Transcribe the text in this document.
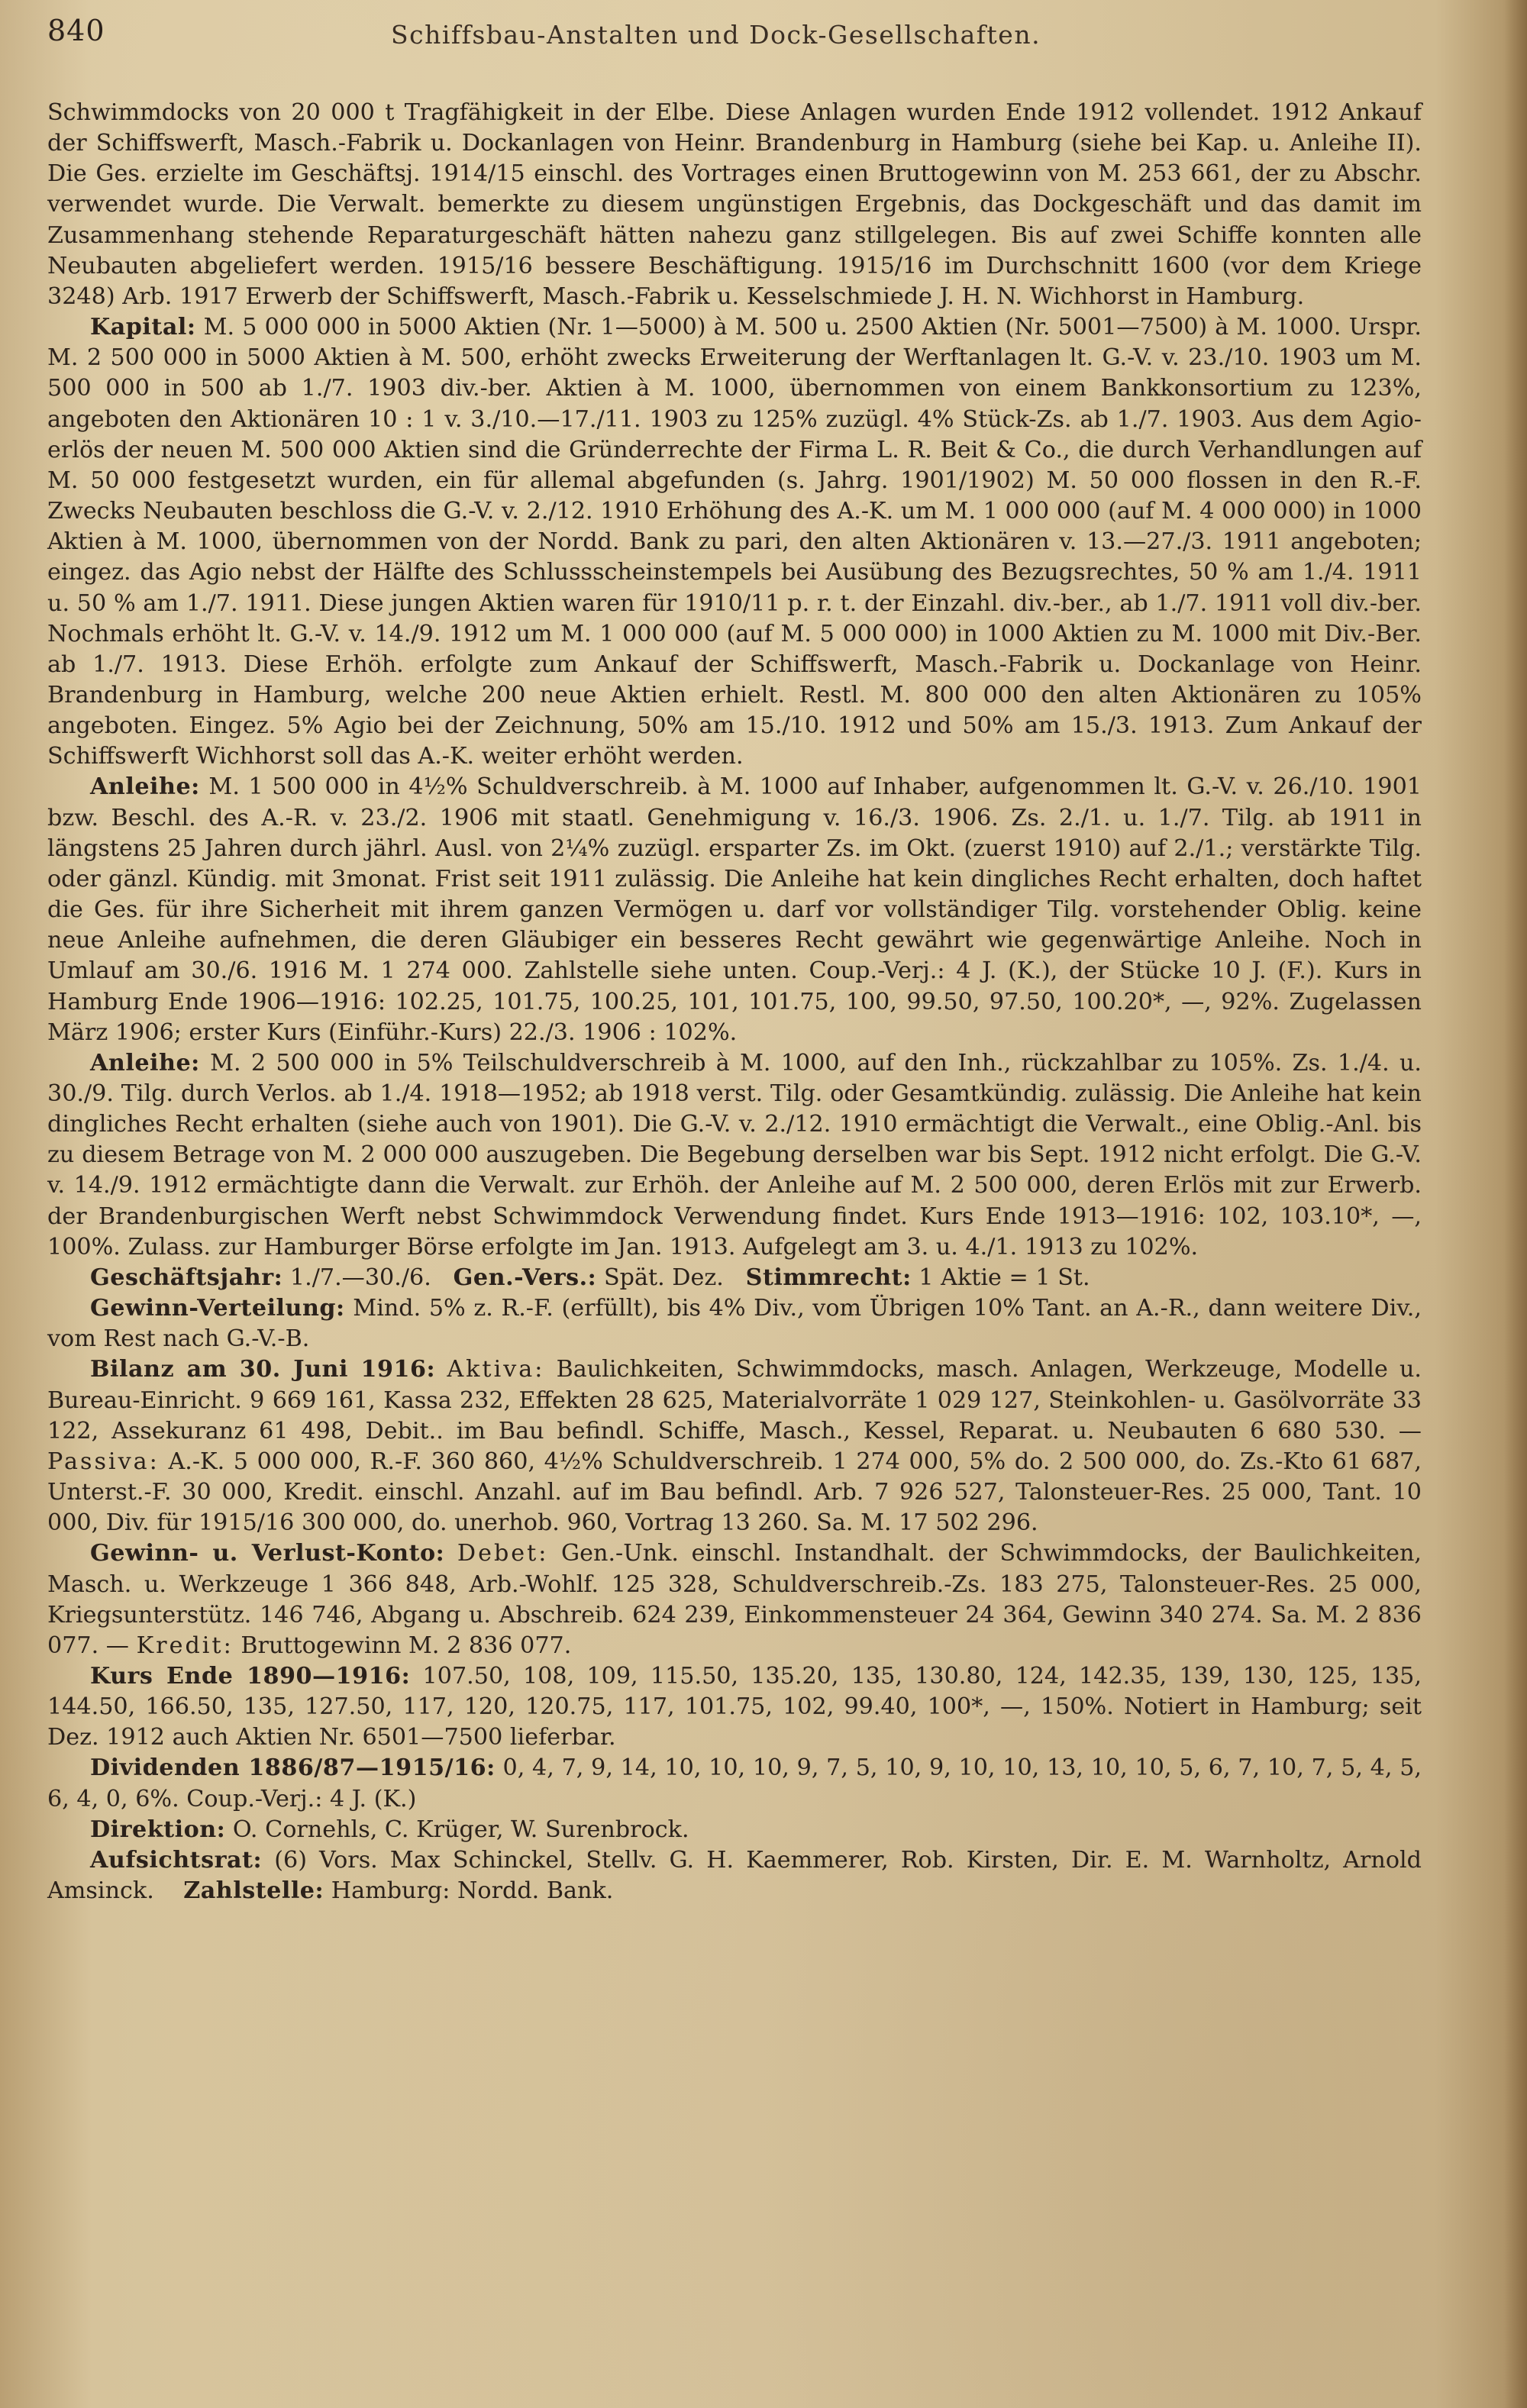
840	Schiffsbau-Anstalten und Dock-Gesellschaften.

Schwimmdocks von 20 000 t Tragfähigkeit in der Elbe. Diese Anlagen wurden Ende 1912 vollendet. 1912 Ankauf der Schiffswerft, Masch.-Fabrik u. Dockanlagen von Heinr. Brandenburg in Hamburg (siehe bei Kap. u. Anleihe II). Die Ges. erzielte im Geschäftsj. 1914/15 einschl. des Vortrages einen Bruttogewinn von M. 253 661, der zu Abschr. verwendet wurde. Die Verwalt. bemerkte zu diesem ungünstigen Ergebnis, das Dockgeschäft und das damit im Zusammenhang stehende Reparaturgeschäft hätten nahezu ganz stillgelegen. Bis auf zwei Schiffe konnten alle Neubauten abgeliefert werden. 1915/16 bessere Beschäftigung. 1915/16 im Durchschnitt 1600 (vor dem Kriege 3248) Arb. 1917 Erwerb der Schiffswerft, Masch.-Fabrik u. Kesselschmiede J. H. N. Wichhorst in Hamburg.

Kapital: M. 5 000 000 in 5000 Aktien (Nr. 1—5000) à M. 500 u. 2500 Aktien (Nr. 5001—7500) à M. 1000. Urspr. M. 2 500 000 in 5000 Aktien à M. 500, erhöht zwecks Erweiterung der Werftanlagen lt. G.-V. v. 23./10. 1903 um M. 500 000 in 500 ab 1./7. 1903 div.-ber. Aktien à M. 1000, übernommen von einem Bankkonsortium zu 123%, angeboten den Aktionären 10 : 1 v. 3./10.—17./11. 1903 zu 125% zuzügl. 4% Stück-Zs. ab 1./7. 1903. Aus dem Agio-erlös der neuen M. 500 000 Aktien sind die Gründerrechte der Firma L. R. Beit & Co., die durch Verhandlungen auf M. 50 000 festgesetzt wurden, ein für allemal abgefunden (s. Jahrg. 1901/1902) M. 50 000 flossen in den R.-F. Zwecks Neubauten beschloss die G.-V. v. 2./12. 1910 Erhöhung des A.-K. um M. 1 000 000 (auf M. 4 000 000) in 1000 Aktien à M. 1000, übernommen von der Nordd. Bank zu pari, den alten Aktionären v. 13.—27./3. 1911 angeboten; eingez. das Agio nebst der Hälfte des Schlussscheinstempels bei Ausübung des Bezugsrechtes, 50 % am 1./4. 1911 u. 50 % am 1./7. 1911. Diese jungen Aktien waren für 1910/11 p. r. t. der Einzahl. div.-ber., ab 1./7. 1911 voll div.-ber. Nochmals erhöht lt. G.-V. v. 14./9. 1912 um M. 1 000 000 (auf M. 5 000 000) in 1000 Aktien zu M. 1000 mit Div.-Ber. ab 1./7. 1913. Diese Erhöh. erfolgte zum Ankauf der Schiffswerft, Masch.-Fabrik u. Dockanlage von Heinr. Brandenburg in Hamburg, welche 200 neue Aktien erhielt. Restl. M. 800 000 den alten Aktionären zu 105% angeboten. Eingez. 5% Agio bei der Zeichnung, 50% am 15./10. 1912 und 50% am 15./3. 1913. Zum Ankauf der Schiffswerft Wichhorst soll das A.-K. weiter erhöht werden.

Anleihe: M. 1 500 000 in 4½% Schuldverschreib. à M. 1000 auf Inhaber, aufgenommen lt. G.-V. v. 26./10. 1901 bzw. Beschl. des A.-R. v. 23./2. 1906 mit staatl. Genehmigung v. 16./3. 1906. Zs. 2./1. u. 1./7. Tilg. ab 1911 in längstens 25 Jahren durch jährl. Ausl. von 2¼% zuzügl. ersparter Zs. im Okt. (zuerst 1910) auf 2./1.; verstärkte Tilg. oder gänzl. Kündig. mit 3monat. Frist seit 1911 zulässig. Die Anleihe hat kein dingliches Recht erhalten, doch haftet die Ges. für ihre Sicherheit mit ihrem ganzen Vermögen u. darf vor vollständiger Tilg. vorstehender Oblig. keine neue Anleihe aufnehmen, die deren Gläubiger ein besseres Recht gewährt wie gegenwärtige Anleihe. Noch in Umlauf am 30./6. 1916 M. 1 274 000. Zahlstelle siehe unten. Coup.-Verj.: 4 J. (K.), der Stücke 10 J. (F.). Kurs in Hamburg Ende 1906—1916: 102.25, 101.75, 100.25, 101, 101.75, 100, 99.50, 97.50, 100.20*, —, 92%. Zugelassen März 1906; erster Kurs (Einführ.-Kurs) 22./3. 1906 : 102%.

Anleihe: M. 2 500 000 in 5% Teilschuldverschreib à M. 1000, auf den Inh., rückzahlbar zu 105%. Zs. 1./4. u. 30./9. Tilg. durch Verlos. ab 1./4. 1918—1952; ab 1918 verst. Tilg. oder Gesamtkündig. zulässig. Die Anleihe hat kein dingliches Recht erhalten (siehe auch von 1901). Die G.-V. v. 2./12. 1910 ermächtigt die Verwalt., eine Oblig.-Anl. bis zu diesem Betrage von M. 2 000 000 auszugeben. Die Begebung derselben war bis Sept. 1912 nicht erfolgt. Die G.-V. v. 14./9. 1912 ermächtigte dann die Verwalt. zur Erhöh. der Anleihe auf M. 2 500 000, deren Erlös mit zur Erwerb. der Brandenburgischen Werft nebst Schwimmdock Verwendung findet. Kurs Ende 1913—1916: 102, 103.10*, —, 100%. Zulass. zur Hamburger Börse erfolgte im Jan. 1913. Aufgelegt am 3. u. 4./1. 1913 zu 102%.

Geschäftsjahr: 1./7.—30./6. Gen.-Vers.: Spät. Dez. Stimmrecht: 1 Aktie = 1 St.

Gewinn-Verteilung: Mind. 5% z. R.-F. (erfüllt), bis 4% Div., vom Übrigen 10% Tant. an A.-R., dann weitere Div., vom Rest nach G.-V.-B.

Bilanz am 30. Juni 1916: Aktiva: Baulichkeiten, Schwimmdocks, masch. Anlagen, Werkzeuge, Modelle u. Bureau-Einricht. 9 669 161, Kassa 232, Effekten 28 625, Materialvorräte 1 029 127, Steinkohlen- u. Gasölvorräte 33 122, Assekuranz 61 498, Debit.. im Bau befindl. Schiffe, Masch., Kessel, Reparat. u. Neubauten 6 680 530. — Passiva: A.-K. 5 000 000, R.-F. 360 860, 4½% Schuldverschreib. 1 274 000, 5% do. 2 500 000, do. Zs.-Kto 61 687, Unterst.-F. 30 000, Kredit. einschl. Anzahl. auf im Bau befindl. Arb. 7 926 527, Talonsteuer-Res. 25 000, Tant. 10 000, Div. für 1915/16 300 000, do. unerhob. 960, Vortrag 13 260. Sa. M. 17 502 296.

Gewinn- u. Verlust-Konto: Debet: Gen.-Unk. einschl. Instandhalt. der Schwimmdocks, der Baulichkeiten, Masch. u. Werkzeuge 1 366 848, Arb.-Wohlf. 125 328, Schuldverschreib.-Zs. 183 275, Talonsteuer-Res. 25 000, Kriegsunterstütz. 146 746, Abgang u. Abschreib. 624 239, Einkommensteuer 24 364, Gewinn 340 274. Sa. M. 2 836 077. — Kredit: Bruttogewinn M. 2 836 077.

Kurs Ende 1890—1916: 107.50, 108, 109, 115.50, 135.20, 135, 130.80, 124, 142.35, 139, 130, 125, 135, 144.50, 166.50, 135, 127.50, 117, 120, 120.75, 117, 101.75, 102, 99.40, 100*, —, 150%. Notiert in Hamburg; seit Dez. 1912 auch Aktien Nr. 6501—7500 lieferbar.

Dividenden 1886/87—1915/16: 0, 4, 7, 9, 14, 10, 10, 10, 9, 7, 5, 10, 9, 10, 10, 13, 10, 10, 5, 6, 7, 10, 7, 5, 4, 5, 6, 4, 0, 6%. Coup.-Verj.: 4 J. (K.)

Direktion: O. Cornehls, C. Krüger, W. Surenbrock.

Aufsichtsrat: (6) Vors. Max Schinckel, Stellv. G. H. Kaemmerer, Rob. Kirsten, Dir. E. M. Warnholtz, Arnold Amsinck. Zahlstelle: Hamburg: Nordd. Bank.
